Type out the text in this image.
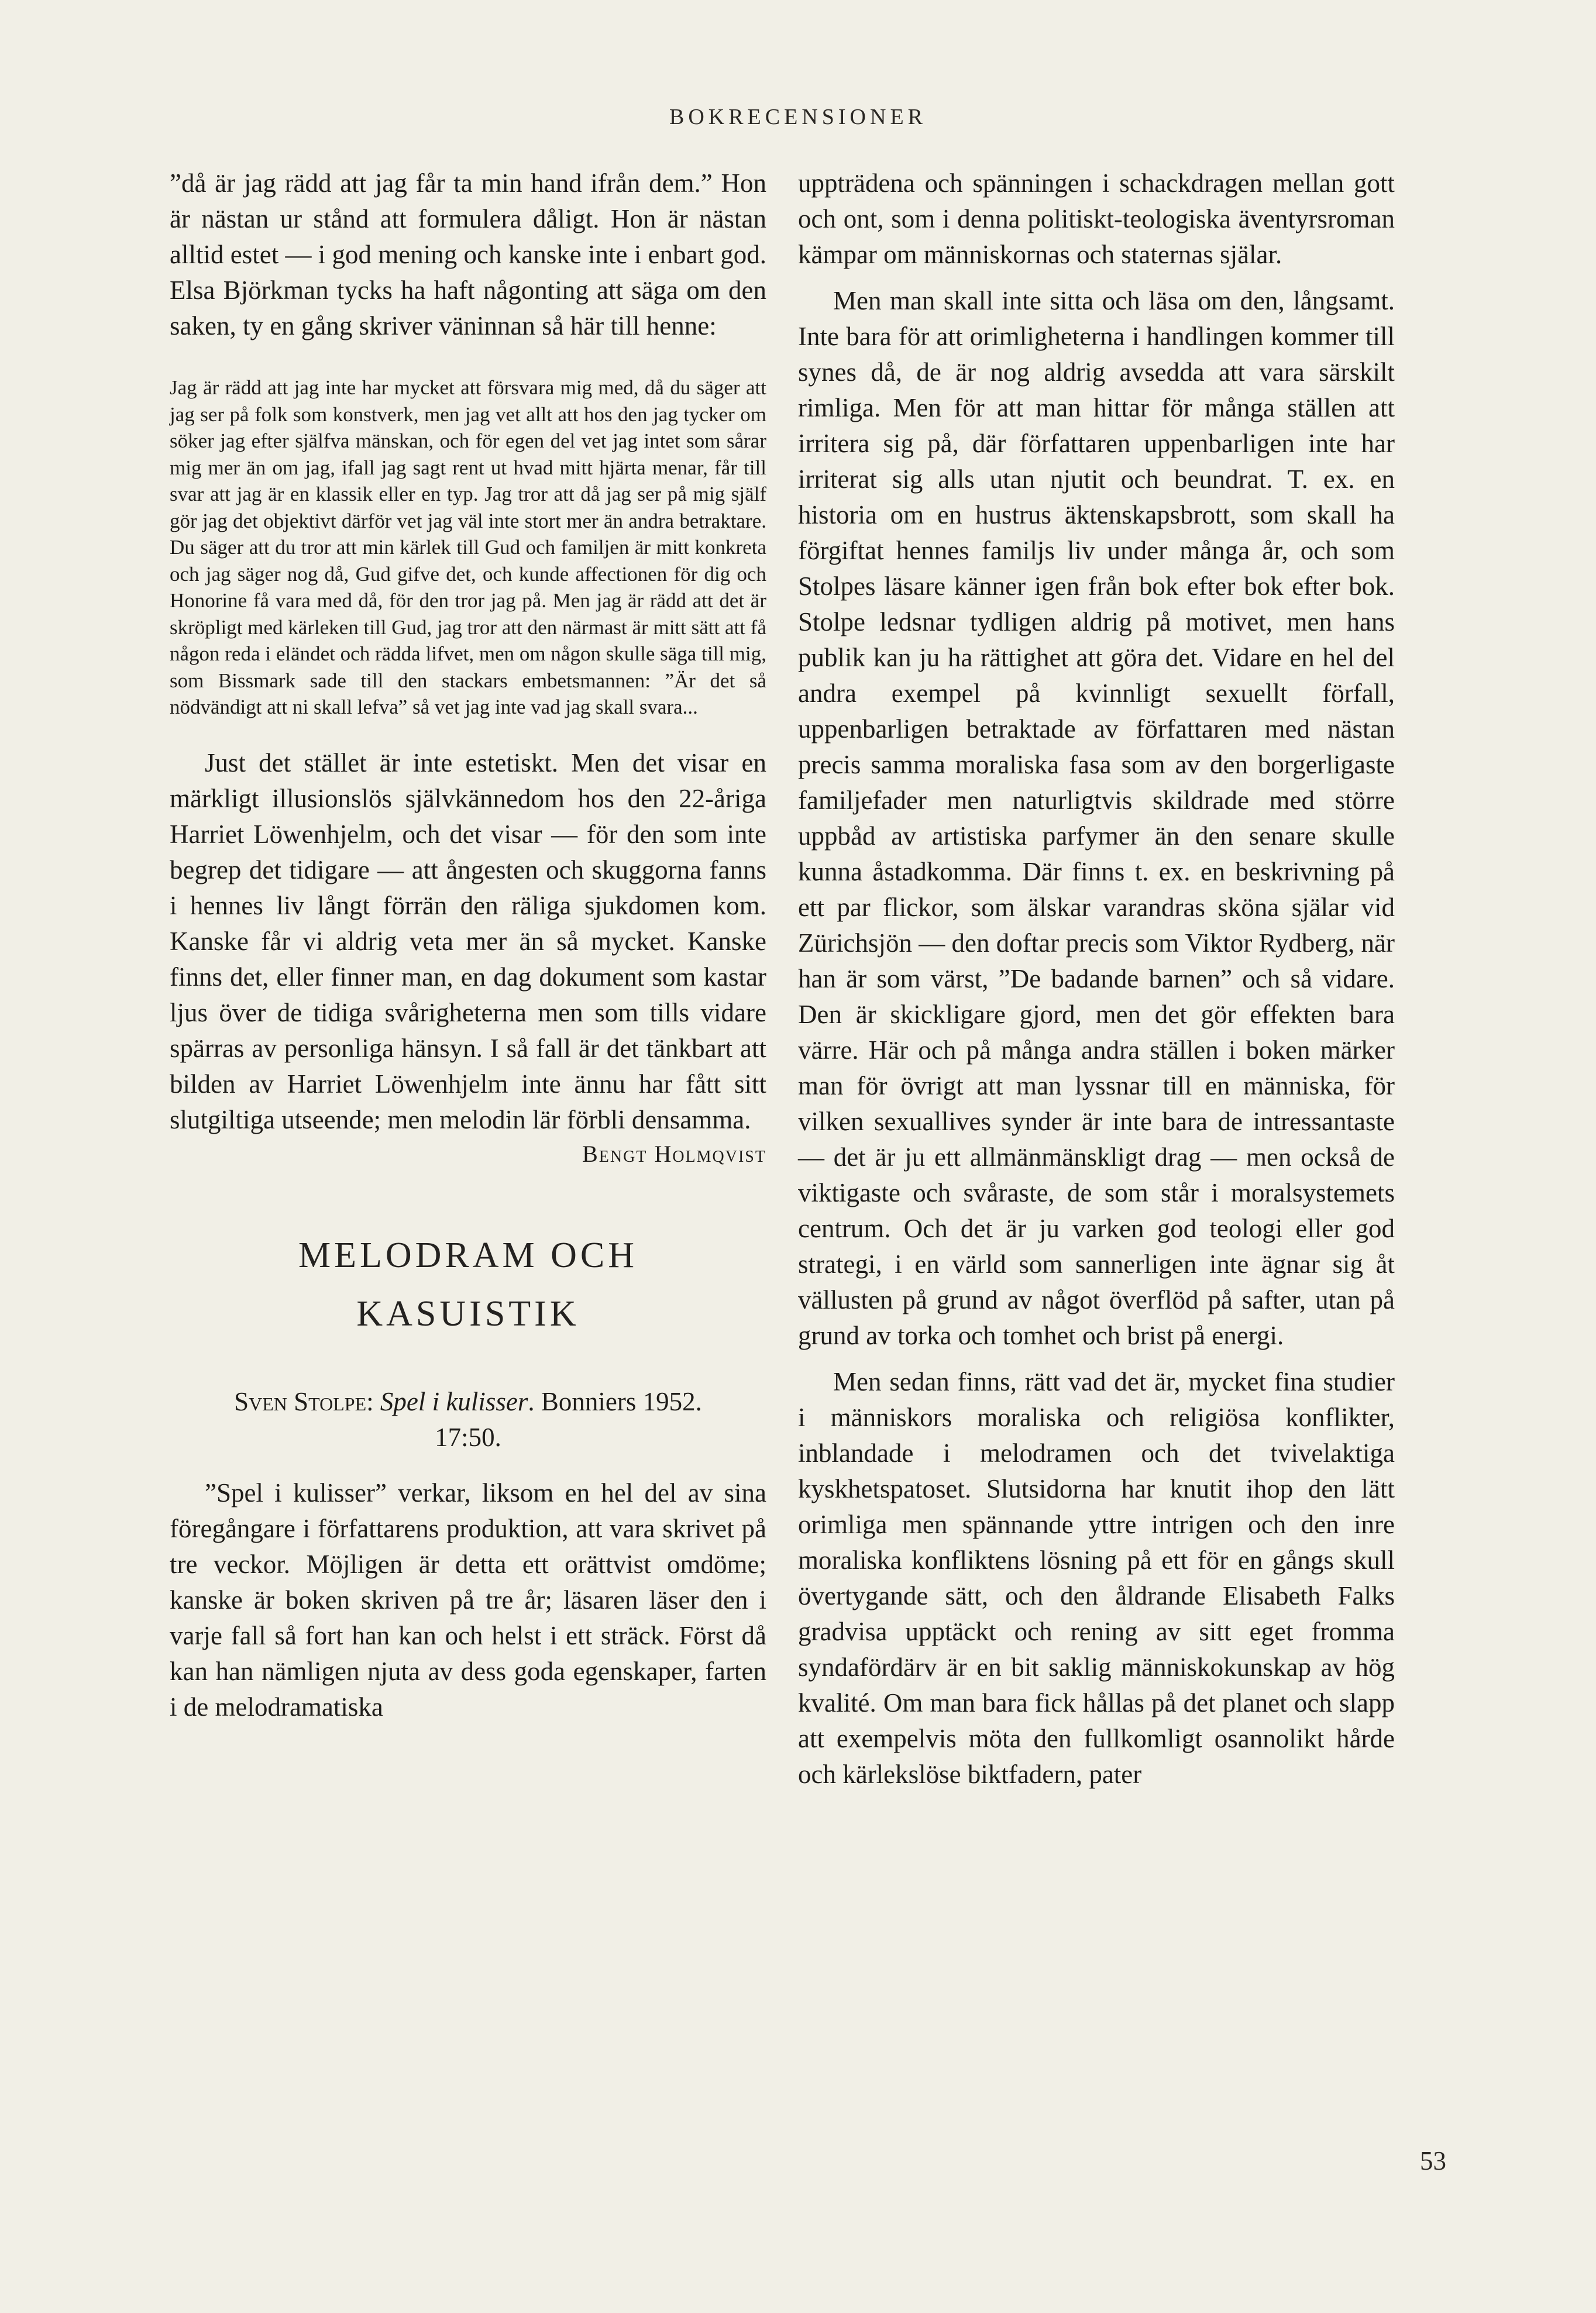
BOKRECENSIONER

”då är jag rädd att jag får ta min hand ifrån dem.” Hon är nästan ur stånd att formulera dåligt. Hon är nästan alltid estet — i god mening och kanske inte i enbart god. Elsa Björkman tycks ha haft någonting att säga om den saken, ty en gång skriver väninnan så här till henne:

Jag är rädd att jag inte har mycket att försvara mig med, då du säger att jag ser på folk som konstverk, men jag vet allt att hos den jag tycker om söker jag efter själfva mänskan, och för egen del vet jag intet som sårar mig mer än om jag, ifall jag sagt rent ut hvad mitt hjärta menar, får till svar att jag är en klassik eller en typ. Jag tror att då jag ser på mig själf gör jag det objektivt därför vet jag väl inte stort mer än andra betraktare. Du säger att du tror att min kärlek till Gud och familjen är mitt konkreta och jag säger nog då, Gud gifve det, och kunde affectionen för dig och Honorine få vara med då, för den tror jag på. Men jag är rädd att det är skröpligt med kärleken till Gud, jag tror att den närmast är mitt sätt att få någon reda i eländet och rädda lifvet, men om någon skulle säga till mig, som Bissmark sade till den stackars embetsmannen: ”Är det så nödvändigt att ni skall lefva” så vet jag inte vad jag skall svara...

Just det stället är inte estetiskt. Men det visar en märkligt illusionslös självkännedom hos den 22-åriga Harriet Löwenhjelm, och det visar — för den som inte begrep det tidigare — att ångesten och skuggorna fanns i hennes liv långt förrän den räliga sjukdomen kom. Kanske får vi aldrig veta mer än så mycket. Kanske finns det, eller finner man, en dag dokument som kastar ljus över de tidiga svårigheterna men som tills vidare spärras av personliga hänsyn. I så fall är det tänkbart att bilden av Harriet Löwenhjelm inte ännu har fått sitt slutgiltiga utseende; men melodin lär förbli densamma.

Bengt Holmqvist

MELODRAM OCH
KASUISTIK
Sven Stolpe: Spel i kulisser. Bonniers 1952.
17:50.

”Spel i kulisser” verkar, liksom en hel del av sina föregångare i författarens produktion, att vara skrivet på tre veckor. Möjligen är detta ett orättvist omdöme; kanske är boken skriven på tre år; läsaren läser den i varje fall så fort han kan och helst i ett sträck. Först då kan han nämligen njuta av dess goda egenskaper, farten i de melodramatiska

uppträdena och spänningen i schackdragen mellan gott och ont, som i denna politiskt-teologiska äventyrsroman kämpar om människornas och staternas själar.

Men man skall inte sitta och läsa om den, långsamt. Inte bara för att orimligheterna i handlingen kommer till synes då, de är nog aldrig avsedda att vara särskilt rimliga. Men för att man hittar för många ställen att irritera sig på, där författaren uppenbarligen inte har irriterat sig alls utan njutit och beundrat. T. ex. en historia om en hustrus äktenskapsbrott, som skall ha förgiftat hennes familjs liv under många år, och som Stolpes läsare känner igen från bok efter bok efter bok. Stolpe ledsnar tydligen aldrig på motivet, men hans publik kan ju ha rättighet att göra det. Vidare en hel del andra exempel på kvinnligt sexuellt förfall, uppenbarligen betraktade av författaren med nästan precis samma moraliska fasa som av den borgerligaste familjefader men naturligtvis skildrade med större uppbåd av artistiska parfymer än den senare skulle kunna åstadkomma. Där finns t. ex. en beskrivning på ett par flickor, som älskar varandras sköna själar vid Zürichsjön — den doftar precis som Viktor Rydberg, när han är som värst, ”De badande barnen” och så vidare. Den är skickligare gjord, men det gör effekten bara värre. Här och på många andra ställen i boken märker man för övrigt att man lyssnar till en människa, för vilken sexuallives synder är inte bara de intressantaste — det är ju ett allmänmänskligt drag — men också de viktigaste och svåraste, de som står i moralsystemets centrum. Och det är ju varken god teologi eller god strategi, i en värld som sannerligen inte ägnar sig åt vällusten på grund av något överflöd på safter, utan på grund av torka och tomhet och brist på energi.

Men sedan finns, rätt vad det är, mycket fina studier i människors moraliska och religiösa konflikter, inblandade i melodramen och det tvivelaktiga kyskhetspatoset. Slutsidorna har knutit ihop den lätt orimliga men spännande yttre intrigen och den inre moraliska konfliktens lösning på ett för en gångs skull övertygande sätt, och den åldrande Elisabeth Falks gradvisa upptäckt och rening av sitt eget fromma syndafördärv är en bit saklig människokunskap av hög kvalité. Om man bara fick hållas på det planet och slapp att exempelvis möta den fullkomligt osannolikt hårde och kärlekslöse biktfadern, pater

53
